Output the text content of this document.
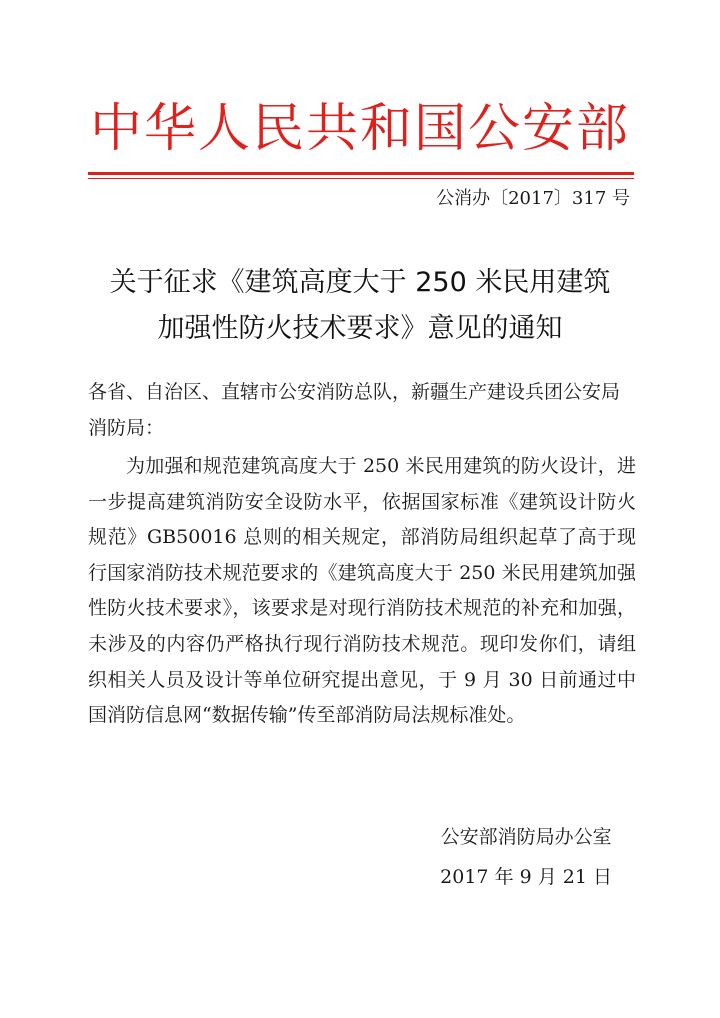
中华人民共和国公安部
公消办〔2017〕317 号
关于征求《建筑高度大于 250 米民用建筑
加强性防火技术要求》意见的通知
各省、自治区、直辖市公安消防总队，新疆生产建设兵团公安局消防局：
为加强和规范建筑高度大于 250 米民用建筑的防火设计，进一步提高建筑消防安全设防水平，依据国家标准《建筑设计防火规范》GB50016 总则的相关规定，部消防局组织起草了高于现行国家消防技术规范要求的《建筑高度大于 250 米民用建筑加强性防火技术要求》，该要求是对现行消防技术规范的补充和加强，未涉及的内容仍严格执行现行消防技术规范。现印发你们，请组织相关人员及设计等单位研究提出意见，于 9 月 30 日前通过中国消防信息网“数据传输”传至部消防局法规标准处。
公安部消防局办公室
2017 年 9 月 21 日
